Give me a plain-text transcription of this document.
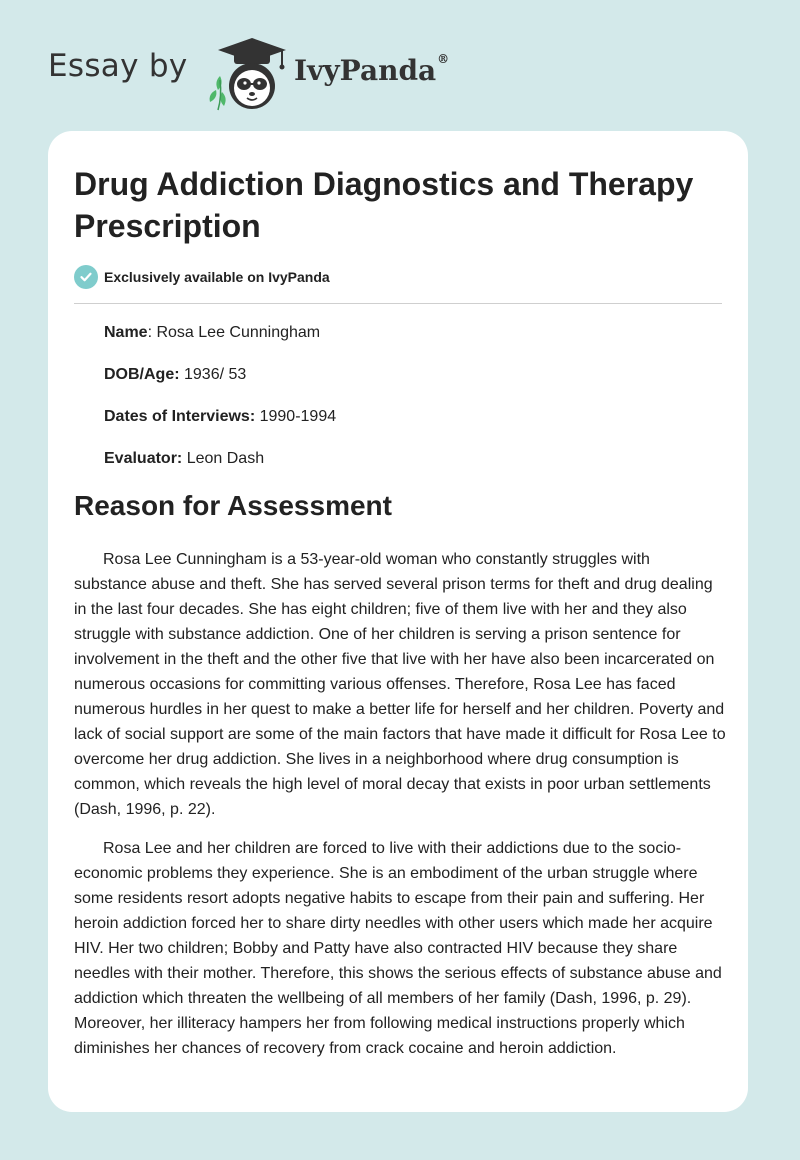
Essay by	IvyPanda®
Drug Addiction Diagnostics and Therapy Prescription
Exclusively available on IvyPanda
Name: Rosa Lee Cunningham
DOB/Age: 1936/ 53
Dates of Interviews: 1990-1994
Evaluator: Leon Dash
Reason for Assessment

Rosa Lee Cunningham is a 53-year-old woman who constantly struggles with substance abuse and theft. She has served several prison terms for theft and drug dealing in the last four decades. She has eight children; five of them live with her and they also struggle with substance addiction. One of her children is serving a prison sentence for involvement in the theft and the other five that live with her have also been incarcerated on numerous occasions for committing various offenses. Therefore, Rosa Lee has faced numerous hurdles in her quest to make a better life for herself and her children. Poverty and lack of social support are some of the main factors that have made it difficult for Rosa Lee to overcome her drug addiction. She lives in a neighborhood where drug consumption is common, which reveals the high level of moral decay that exists in poor urban settlements (Dash, 1996, p. 22).

Rosa Lee and her children are forced to live with their addictions due to the socio-economic problems they experience. She is an embodiment of the urban struggle where some residents resort adopts negative habits to escape from their pain and suffering. Her heroin addiction forced her to share dirty needles with other users which made her acquire HIV. Her two children; Bobby and Patty have also contracted HIV because they share needles with their mother. Therefore, this shows the serious effects of substance abuse and addiction which threaten the wellbeing of all members of her family (Dash, 1996, p. 29). Moreover, her illiteracy hampers her from following medical instructions properly which diminishes her chances of recovery from crack cocaine and heroin addiction.
